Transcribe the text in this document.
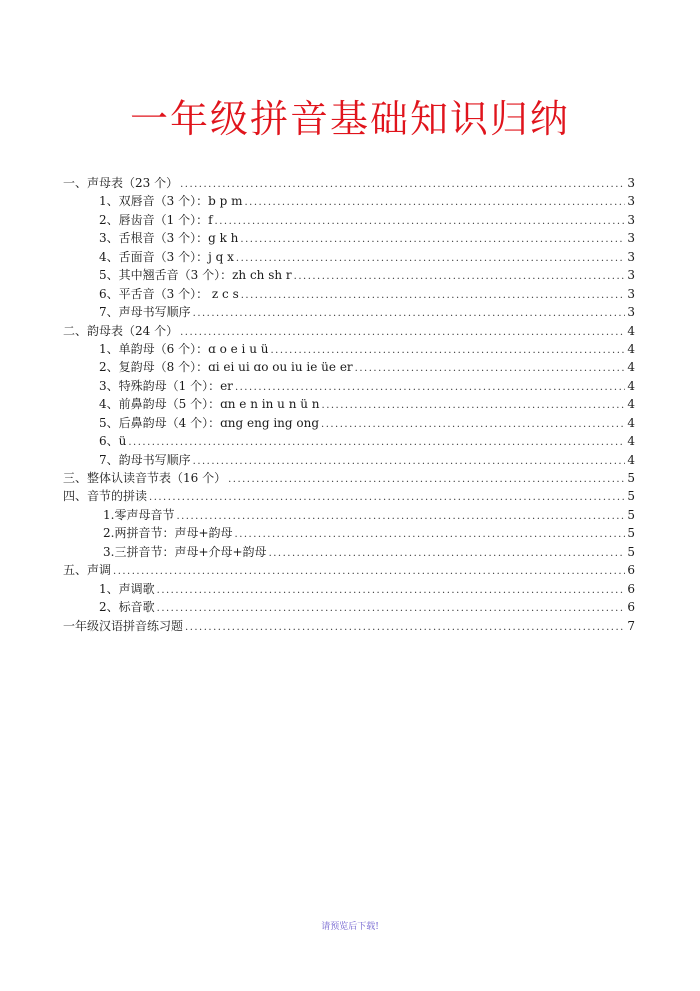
一年级拼音基础知识归纳
一、声母表（23 个） .....	3
1、双唇音（3 个）：b p m .....	3
2、唇齿音（1 个）：f .....	3
3、舌根音（3 个）：g k h .....	3
4、舌面音（3 个）：j q x .....	3
5、其中翘舌音（3 个）：zh ch sh r .....	3
6、平舌音（3 个）： z c s .....	3
7、声母书写顺序 .....	3
二、韵母表（24 个） .....	4
1、单韵母（6 个）：ɑ o e i u ü .....	4
2、复韵母（8 个）：ɑi ei ui ɑo ou iu ie üe er .....	4
3、特殊韵母（1 个）：er .....	4
4、前鼻韵母（5 个）：ɑn e n in u n ü n .....	4
5、后鼻韵母（4 个）：ɑng eng ing ong .....	4
6、ü .....	4
7、韵母书写顺序 .....	4
三、整体认读音节表（16 个） .....	5
四、音节的拼读 .....	5
1.零声母音节 .....	5
2.两拼音节：声母+韵母 .....	5
3.三拼音节：声母+介母+韵母 .....	5
五、声调 .....	6
1、声调歌 .....	6
2、标音歌 .....	6
一年级汉语拼音练习题 .....	7
请预览后下载!
